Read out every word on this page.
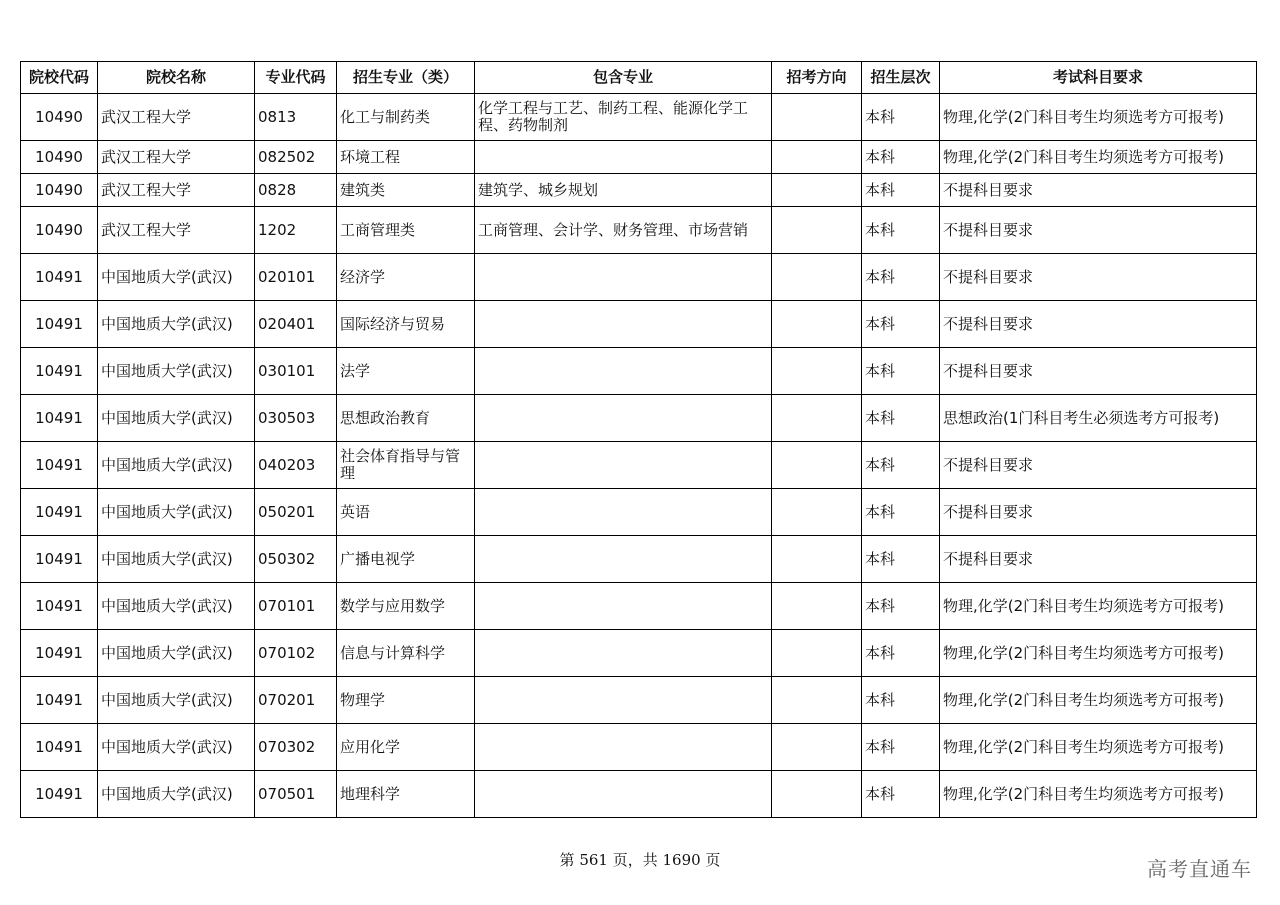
院校代码	院校名称	专业代码	招生专业（类）	包含专业	招考方向	招生层次	考试科目要求
10490	武汉工程大学	0813	化工与制药类	化学工程与工艺、制药工程、能源化学工程、药物制剂		本科	物理,化学(2门科目考生均须选考方可报考)
10490	武汉工程大学	082502	环境工程			本科	物理,化学(2门科目考生均须选考方可报考)
10490	武汉工程大学	0828	建筑类	建筑学、城乡规划		本科	不提科目要求
10490	武汉工程大学	1202	工商管理类	工商管理、会计学、财务管理、市场营销		本科	不提科目要求
10491	中国地质大学(武汉)	020101	经济学			本科	不提科目要求
10491	中国地质大学(武汉)	020401	国际经济与贸易			本科	不提科目要求
10491	中国地质大学(武汉)	030101	法学			本科	不提科目要求
10491	中国地质大学(武汉)	030503	思想政治教育			本科	思想政治(1门科目考生必须选考方可报考)
10491	中国地质大学(武汉)	040203	社会体育指导与管理			本科	不提科目要求
10491	中国地质大学(武汉)	050201	英语			本科	不提科目要求
10491	中国地质大学(武汉)	050302	广播电视学			本科	不提科目要求
10491	中国地质大学(武汉)	070101	数学与应用数学			本科	物理,化学(2门科目考生均须选考方可报考)
10491	中国地质大学(武汉)	070102	信息与计算科学			本科	物理,化学(2门科目考生均须选考方可报考)
10491	中国地质大学(武汉)	070201	物理学			本科	物理,化学(2门科目考生均须选考方可报考)
10491	中国地质大学(武汉)	070302	应用化学			本科	物理,化学(2门科目考生均须选考方可报考)
10491	中国地质大学(武汉)	070501	地理科学			本科	物理,化学(2门科目考生均须选考方可报考)
第 561 页，共 1690 页	高考直通车
